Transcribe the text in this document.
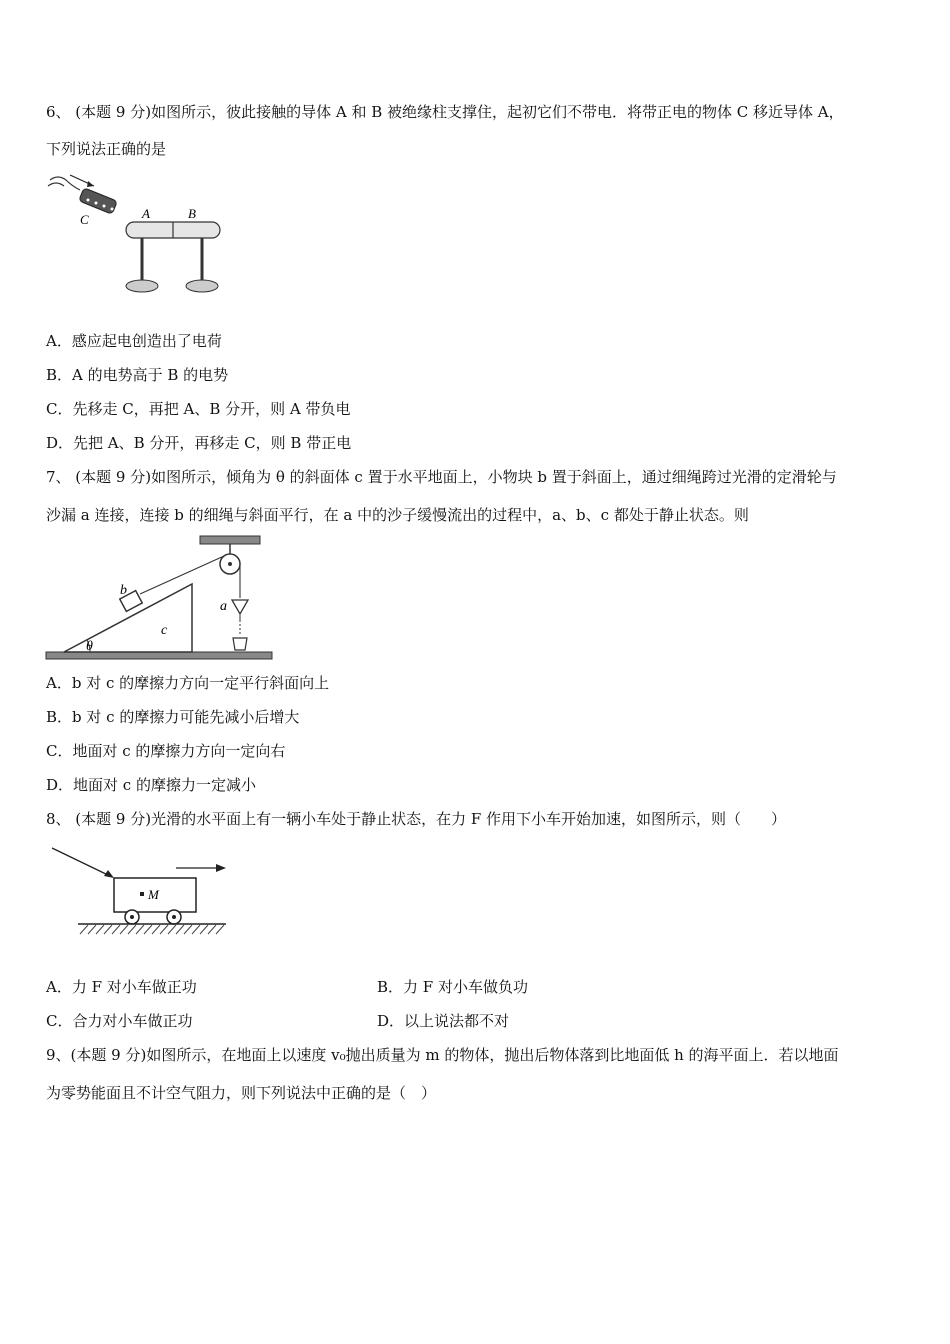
6、 (本题 9 分)如图所示，彼此接触的导体 A 和 B 被绝缘柱支撑住，起初它们不带电．将带正电的物体 C 移近导体 A，
下列说法正确的是
C	A	B
A．感应起电创造出了电荷
B．A 的电势高于 B 的电势
C．先移走 C，再把 A、B 分开，则 A 带负电
D．先把 A、B 分开，再移走 C，则 B 带正电
7、 (本题 9 分)如图所示，倾角为 θ 的斜面体 c 置于水平地面上，小物块 b 置于斜面上，通过细绳跨过光滑的定滑轮与
沙漏 a 连接，连接 b 的细绳与斜面平行，在 a 中的沙子缓慢流出的过程中，a、b、c 都处于静止状态。则
θ
c
b
a
A．b 对 c 的摩擦力方向一定平行斜面向上
B．b 对 c 的摩擦力可能先减小后增大
C．地面对 c 的摩擦力方向一定向右
D．地面对 c 的摩擦力一定减小
8、 (本题 9 分)光滑的水平面上有一辆小车处于静止状态，在力 F 作用下小车开始加速，如图所示，则（　　）
M
A．力 F 对小车做正功	B．力 F 对小车做负功
C．合力对小车做正功	D．以上说法都不对
9、(本题 9 分)如图所示，在地面上以速度 v₀抛出质量为 m 的物体，抛出后物体落到比地面低 h 的海平面上．若以地面
为零势能面且不计空气阻力，则下列说法中正确的是（　）
